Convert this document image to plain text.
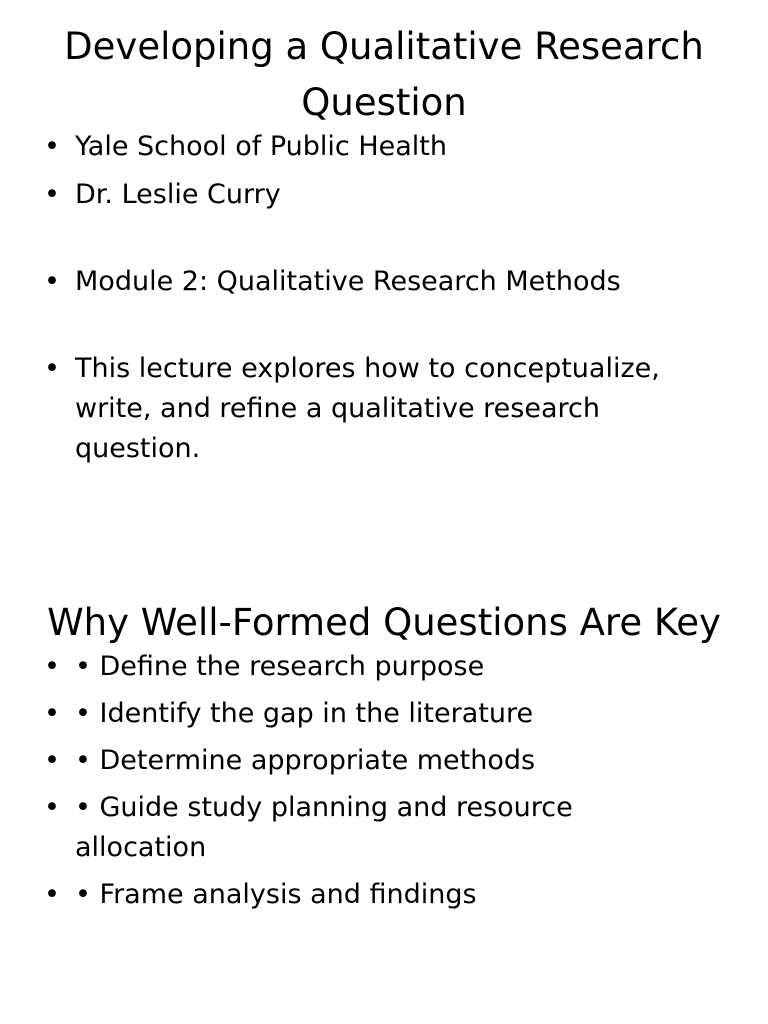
Developing a Qualitative Research Question
• Yale School of Public Health
• Dr. Leslie Curry
• Module 2: Qualitative Research Methods
• This lecture explores how to conceptualize, write, and refine a qualitative research question.
Why Well-Formed Questions Are Key
• • Define the research purpose
• • Identify the gap in the literature
• • Determine appropriate methods
• • Guide study planning and resource allocation
• • Frame analysis and findings
